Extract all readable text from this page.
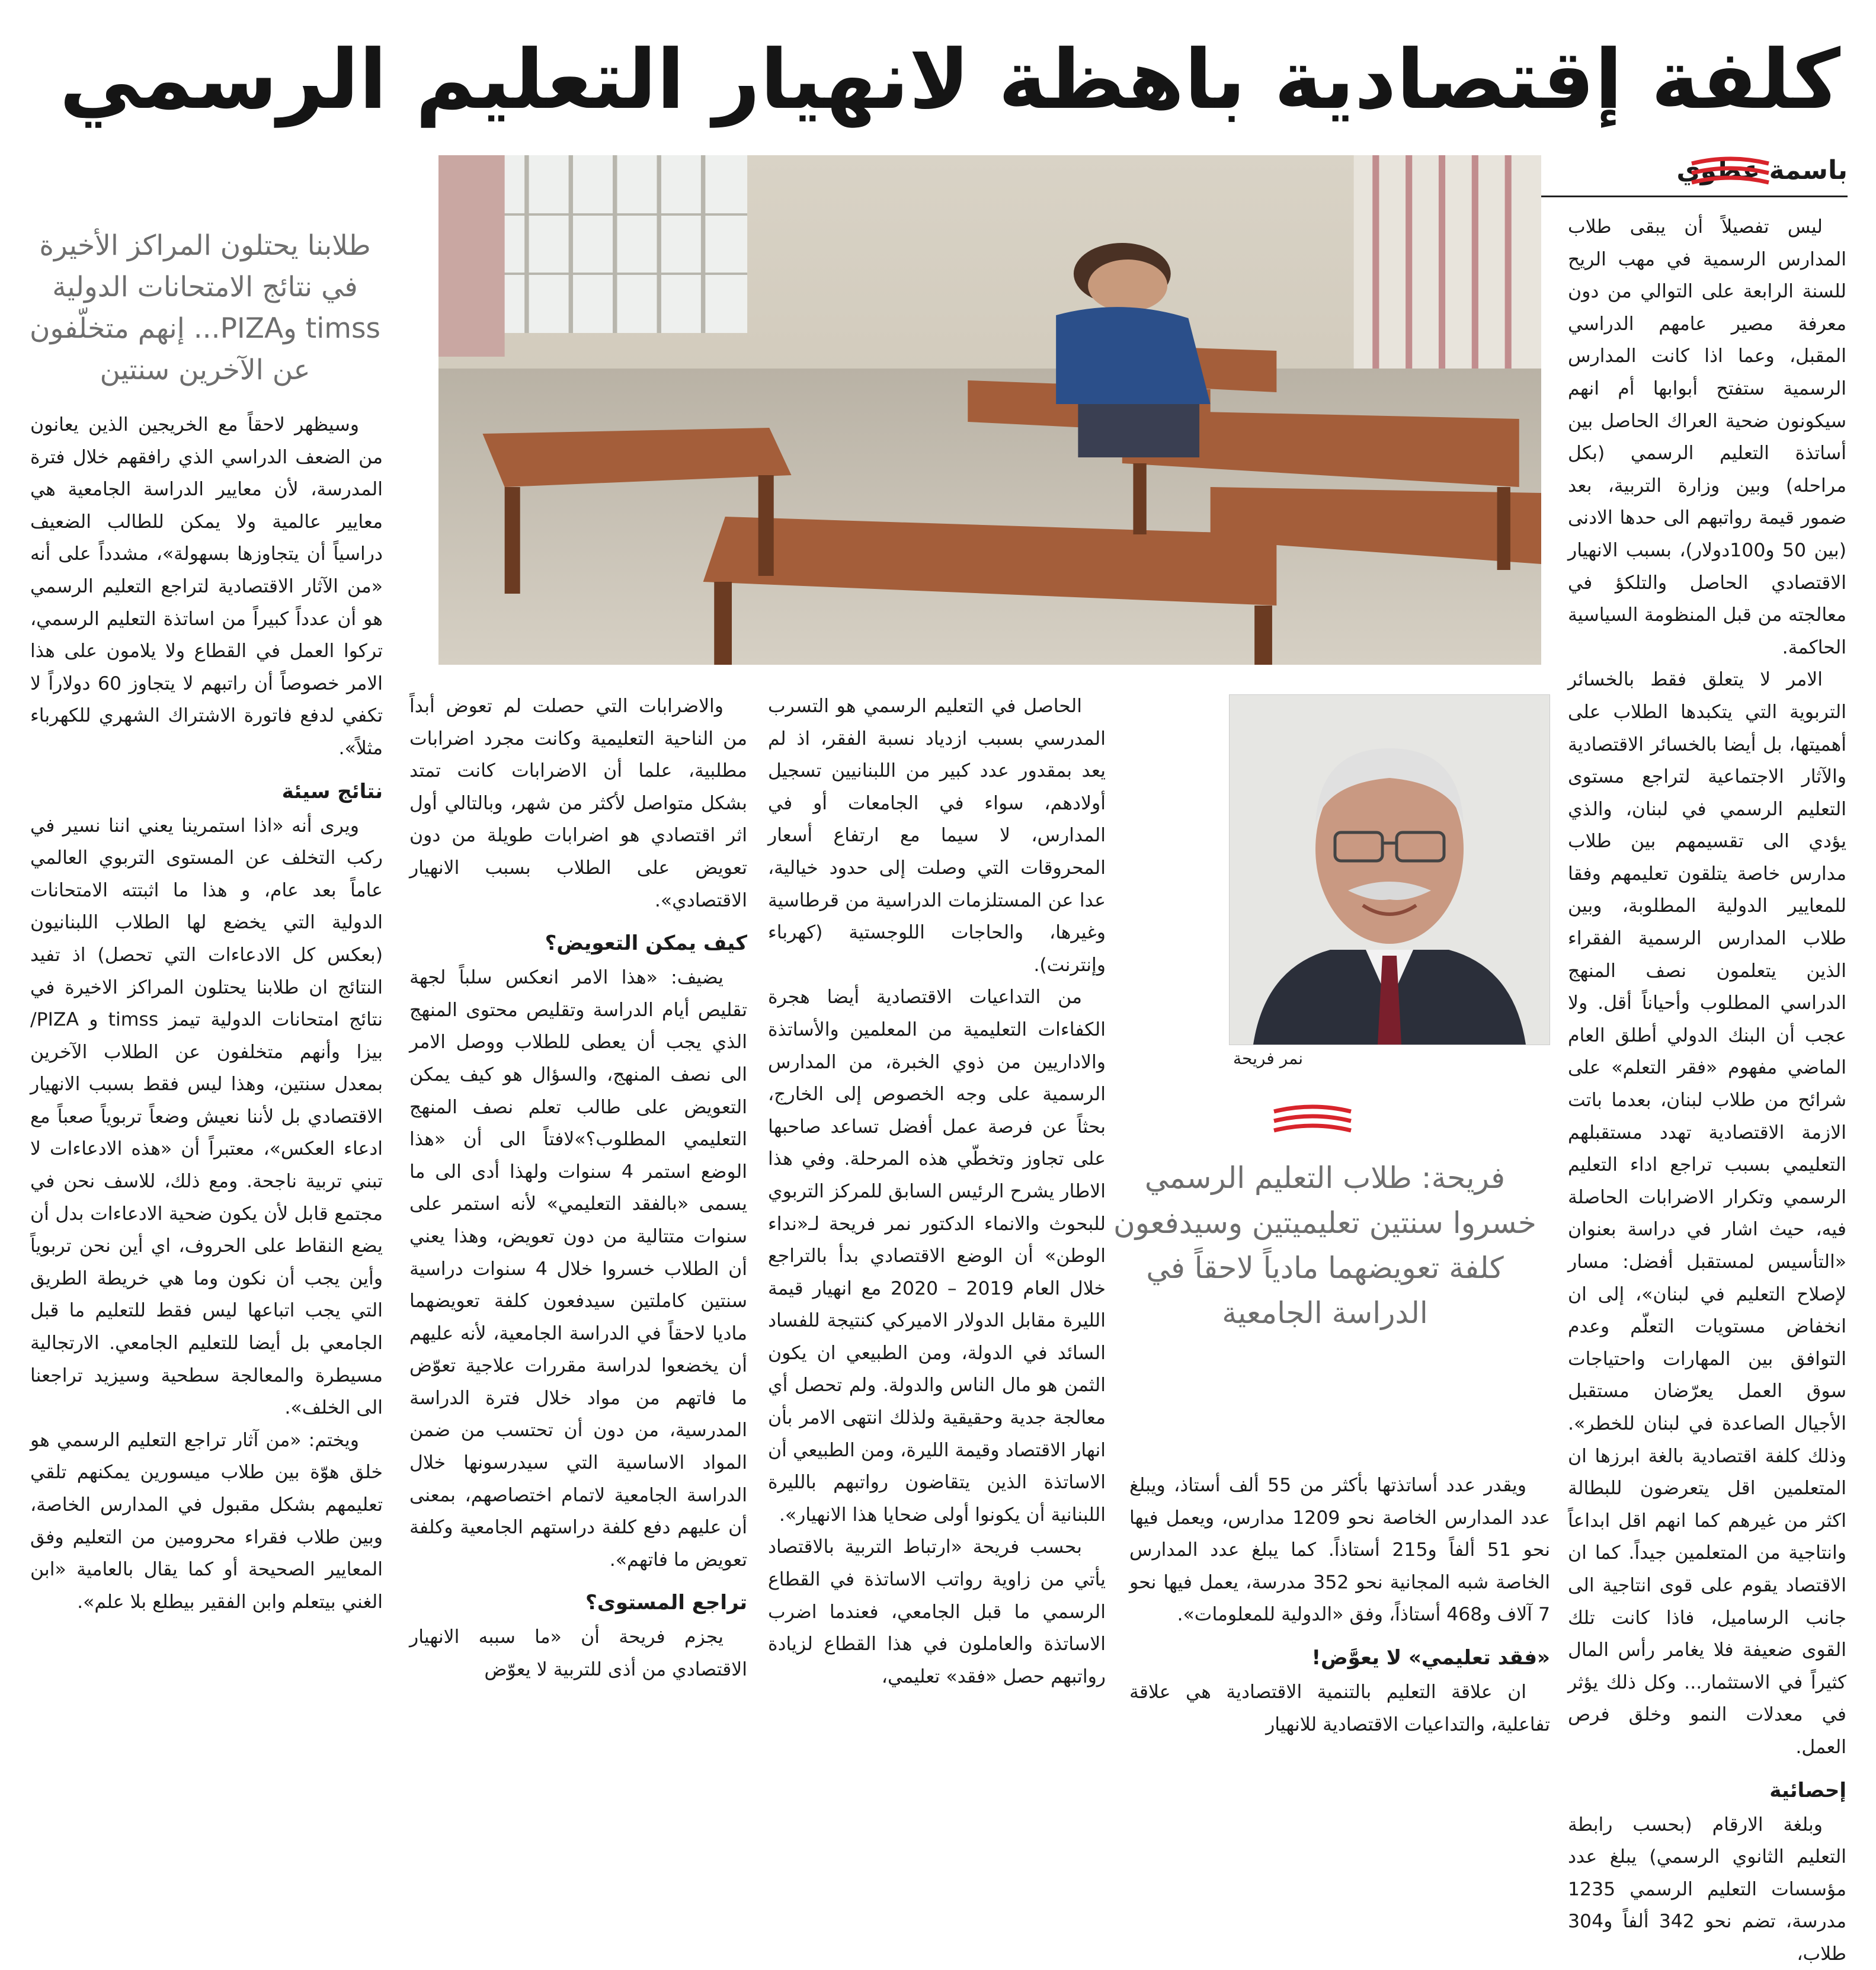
كلفة إقتصادية باهظة لانهيار التعليم الرسمي
باسمة عطوي
طلابنا يحتلون المراكز الأخيرة في نتائج الامتحانات الدولية timss وPIZA... إنهم متخلّفون عن الآخرين سنتين
نمر فريحة
فريحة: طلاب التعليم الرسمي خسروا سنتين تعليميتين وسيدفعون كلفة تعويضهما مادياً لاحقاً في الدراسة الجامعية

ليس تفصيلاً أن يبقى طلاب المدارس الرسمية في مهب الريح للسنة الرابعة على التوالي من دون معرفة مصير عامهم الدراسي المقبل، وعما اذا كانت المدارس الرسمية ستفتح أبوابها أم انهم سيكونون ضحية العراك الحاصل بين أساتذة التعليم الرسمي (بكل مراحله) وبين وزارة التربية، بعد ضمور قيمة رواتبهم الى حدها الادنى (بين 50 و100دولار)، بسبب الانهيار الاقتصادي الحاصل والتلكؤ في معالجته من قبل المنظومة السياسية الحاكمة.

الامر لا يتعلق فقط بالخسائر التربوية التي يتكبدها الطلاب على أهميتها، بل أيضا بالخسائر الاقتصادية والآثار الاجتماعية لتراجع مستوى التعليم الرسمي في لبنان، والذي يؤدي الى تقسيمهم بين طلاب مدارس خاصة يتلقون تعليمهم وفقا للمعايير الدولية المطلوبة، وبين طلاب المدارس الرسمية الفقراء الذين يتعلمون نصف المنهج الدراسي المطلوب وأحياناً أقل. ولا عجب أن البنك الدولي أطلق العام الماضي مفهوم «فقر التعلم» على شرائح من طلاب لبنان، بعدما باتت الازمة الاقتصادية تهدد مستقبلهم التعليمي بسبب تراجع اداء التعليم الرسمي وتكرار الاضرابات الحاصلة فيه، حيث اشار في دراسة بعنوان «التأسيس لمستقبل أفضل: مسار لإصلاح التعليم في لبنان»، إلى ان انخفاض مستويات التعلّم وعدم التوافق بين المهارات واحتياجات سوق العمل يعرّضان مستقبل الأجيال الصاعدة في لبنان للخطر». وذلك كلفة اقتصادية بالغة ابرزها ان المتعلمين اقل يتعرضون للبطالة اكثر من غيرهم كما انهم اقل ابداعاً وانتاجية من المتعلمين جيداً. كما ان الاقتصاد يقوم على قوى انتاجية الى جانب الرساميل، فاذا كانت تلك القوى ضعيفة فلا يغامر رأس المال كثيراً في الاستثمار... وكل ذلك يؤثر في معدلات النمو وخلق فرص العمل.

إحصائية

وبلغة الارقام (بحسب رابطة التعليم الثانوي الرسمي) يبلغ عدد مؤسسات التعليم الرسمي 1235 مدرسة، تضم نحو 342 ألفاً و304 طلاب،

ويقدر عدد أساتذتها بأكثر من 55 ألف أستاذ، ويبلغ عدد المدارس الخاصة نحو 1209 مدارس، ويعمل فيها نحو 51 ألفاً و215 أستاذاً. كما يبلغ عدد المدارس الخاصة شبه المجانية نحو 352 مدرسة، يعمل فيها نحو 7 آلاف و468 أستاذاً، وفق «الدولية للمعلومات».

«فقد تعليمي» لا يعوَّض!

ان علاقة التعليم بالتنمية الاقتصادية هي علاقة تفاعلية، والتداعيات الاقتصادية للانهيار

الحاصل في التعليم الرسمي هو التسرب المدرسي بسبب ازدياد نسبة الفقر، اذ لم يعد بمقدور عدد كبير من اللبنانيين تسجيل أولادهم، سواء في الجامعات أو في المدارس، لا سيما مع ارتفاع أسعار المحروقات التي وصلت إلى حدود خيالية، عدا عن المستلزمات الدراسية من قرطاسية وغيرها، والحاجات اللوجستية (كهرباء وإنترنت).

من التداعيات الاقتصادية أيضا هجرة الكفاءات التعليمية من المعلمين والأساتذة والاداريين من ذوي الخبرة، من المدارس الرسمية على وجه الخصوص إلى الخارج، بحثاً عن فرصة عمل أفضل تساعد صاحبها على تجاوز وتخطّي هذه المرحلة. وفي هذا الاطار يشرح الرئيس السابق للمركز التربوي للبحوث والانماء الدكتور نمر فريحة لـ«نداء الوطن» أن الوضع الاقتصادي بدأ بالتراجع خلال العام 2019 – 2020 مع انهيار قيمة الليرة مقابل الدولار الاميركي كنتيجة للفساد السائد في الدولة، ومن الطبيعي ان يكون الثمن هو مال الناس والدولة. ولم تحصل أي معالجة جدية وحقيقية ولذلك انتهى الامر بأن انهار الاقتصاد وقيمة الليرة، ومن الطبيعي أن الاساتذة الذين يتقاضون رواتبهم بالليرة اللبنانية أن يكونوا أولى ضحايا هذا الانهيار».

بحسب فريحة «ارتباط التربية بالاقتصاد يأتي من زاوية رواتب الاساتذة في القطاع الرسمي ما قبل الجامعي، فعندما اضرب الاساتذة والعاملون في هذا القطاع لزيادة رواتبهم حصل «فقد» تعليمي،

والاضرابات التي حصلت لم تعوض أبداً من الناحية التعليمية وكانت مجرد اضرابات مطلبية، علما أن الاضرابات كانت تمتد بشكل متواصل لأكثر من شهر، وبالتالي أول اثر اقتصادي هو اضرابات طويلة من دون تعويض على الطلاب بسبب الانهيار الاقتصادي».

كيف يمكن التعويض؟

يضيف: «هذا الامر انعكس سلباً لجهة تقليص أيام الدراسة وتقليص محتوى المنهج الذي يجب أن يعطى للطلاب ووصل الامر الى نصف المنهج، والسؤال هو كيف يمكن التعويض على طالب تعلم نصف المنهج التعليمي المطلوب؟»لافتاً الى أن «هذا الوضع استمر 4 سنوات ولهذا أدى الى ما يسمى «بالفقد التعليمي» لأنه استمر على سنوات متتالية من دون تعويض، وهذا يعني أن الطلاب خسروا خلال 4 سنوات دراسية سنتين كاملتين سيدفعون كلفة تعويضهما ماديا لاحقاً في الدراسة الجامعية، لأنه عليهم أن يخضعوا لدراسة مقررات علاجية تعوّض ما فاتهم من مواد خلال فترة الدراسة المدرسية، من دون أن تحتسب من ضمن المواد الاساسية التي سيدرسونها خلال الدراسة الجامعية لاتمام اختصاصهم، بمعنى أن عليهم دفع كلفة دراستهم الجامعية وكلفة تعويض ما فاتهم».

تراجع المستوى؟

يجزم فريحة أن «ما سببه الانهيار الاقتصادي من أذى للتربية لا يعوّض

وسيظهر لاحقاً مع الخريجين الذين يعانون من الضعف الدراسي الذي رافقهم خلال فترة المدرسة، لأن معايير الدراسة الجامعية هي معايير عالمية ولا يمكن للطالب الضعيف دراسياً أن يتجاوزها بسهولة»، مشدداً على أنه «من الآثار الاقتصادية لتراجع التعليم الرسمي هو أن عدداً كبيراً من اساتذة التعليم الرسمي، تركوا العمل في القطاع ولا يلامون على هذا الامر خصوصاً أن راتبهم لا يتجاوز 60 دولاراً لا تكفي لدفع فاتورة الاشتراك الشهري للكهرباء مثلاً».

نتائج سيئة

ويرى أنه «اذا استمرينا يعني اننا نسير في ركب التخلف عن المستوى التربوي العالمي عاماً بعد عام، و هذا ما اثبتته الامتحانات الدولية التي يخضع لها الطلاب اللبنانيون (بعكس كل الادعاءات التي تحصل) اذ تفيد النتائج ان طلابنا يحتلون المراكز الاخيرة في نتائج امتحانات الدولية تيمز timss و PIZA/ بيزا وأنهم متخلفون عن الطلاب الآخرين بمعدل سنتين، وهذا ليس فقط بسبب الانهيار الاقتصادي بل لأننا نعيش وضعاً تربوياً صعباً مع ادعاء العكس»، معتبراً أن «هذه الادعاءات لا تبني تربية ناجحة. ومع ذلك، للاسف نحن في مجتمع قابل لأن يكون ضحية الادعاءات بدل أن يضع النقاط على الحروف، اي أين نحن تربوياً وأين يجب أن نكون وما هي خريطة الطريق التي يجب اتباعها ليس فقط للتعليم ما قبل الجامعي بل أيضا للتعليم الجامعي. الارتجالية مسيطرة والمعالجة سطحية وسيزيد تراجعنا الى الخلف».

ويختم: «من آثار تراجع التعليم الرسمي هو خلق هوّة بين طلاب ميسورين يمكنهم تلقي تعليمهم بشكل مقبول في المدارس الخاصة، وبين طلاب فقراء محرومين من التعليم وفق المعايير الصحيحة أو كما يقال بالعامية «ابن الغني بيتعلم وابن الفقير بيطلع بلا علم».
